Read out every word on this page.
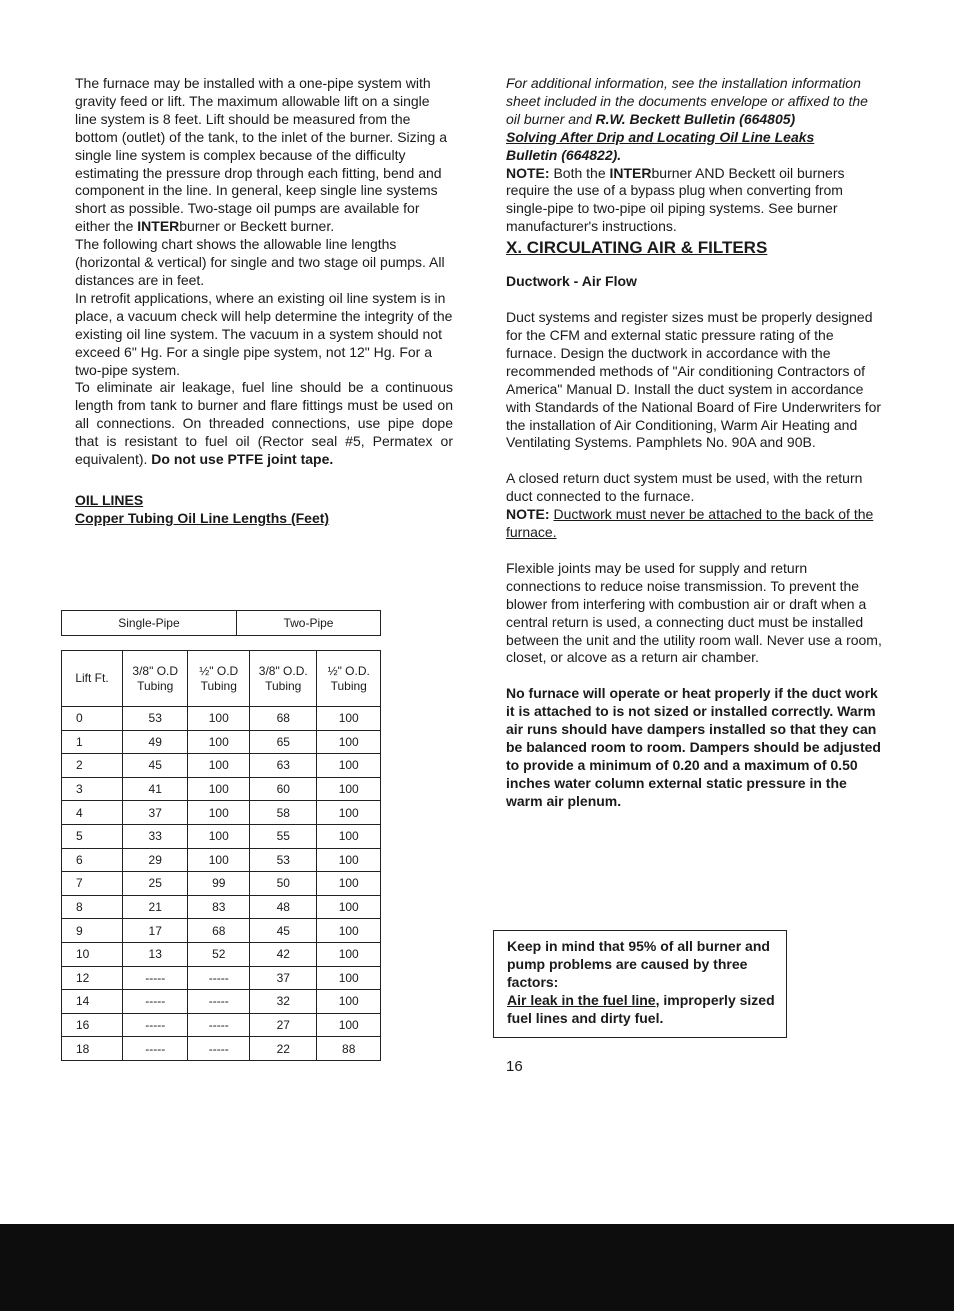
The furnace may be installed with a one-pipe system with gravity feed or lift. The maximum allowable lift on a single line system is 8 feet. Lift should be measured from the bottom (outlet) of the tank, to the inlet of the burner. Sizing a single line system is complex because of the difficulty estimating the pressure drop through each fitting, bend and component in the line. In general, keep single line systems short as possible. Two-stage oil pumps are available for either the INTERburner or Beckett burner.

The following chart shows the allowable line lengths (horizontal & vertical) for single and two stage oil pumps. All distances are in feet.

In retrofit applications, where an existing oil line system is in place, a vacuum check will help determine the integrity of the existing oil line system. The vacuum in a system should not exceed 6" Hg. For a single pipe system, not 12" Hg. For a two-pipe system.

To eliminate air leakage, fuel line should be a continuous length from tank to burner and flare fittings must be used on all connections. On threaded connections, use pipe dope that is resistant to fuel oil (Rector seal #5, Permatex or equivalent). Do not use PTFE joint tape.

OIL LINES
Copper Tubing Oil Line Lengths (Feet)
Single-Pipe	Two-Pipe
Lift Ft.	3/8" O.D Tubing	½" O.D Tubing	3/8" O.D. Tubing	½" O.D. Tubing
0	53	100	68	100
1	49	100	65	100
2	45	100	63	100
3	41	100	60	100
4	37	100	58	100
5	33	100	55	100
6	29	100	53	100
7	25	99	50	100
8	21	83	48	100
9	17	68	45	100
10	13	52	42	100
12	-----	-----	37	100
14	-----	-----	32	100
16	-----	-----	27	100
18	-----	-----	22	88

For additional information, see the installation information sheet included in the documents envelope or affixed to the oil burner and R.W. Beckett Bulletin (664805)
Solving After Drip and Locating Oil Line Leaks
Bulletin (664822).

NOTE: Both the INTERburner AND Beckett oil burners require the use of a bypass plug when converting from single-pipe to two-pipe oil piping systems. See burner manufacturer's instructions.

X. CIRCULATING AIR & FILTERS
Ductwork - Air Flow

Duct systems and register sizes must be properly designed for the CFM and external static pressure rating of the furnace. Design the ductwork in accordance with the recommended methods of "Air conditioning Contractors of America" Manual D. Install the duct system in accordance with Standards of the National Board of Fire Underwriters for the installation of Air Conditioning, Warm Air Heating and Ventilating Systems. Pamphlets No. 90A and 90B.

A closed return duct system must be used, with the return duct connected to the furnace.

NOTE: Ductwork must never be attached to the back of the furnace.

Flexible joints may be used for supply and return connections to reduce noise transmission. To prevent the blower from interfering with combustion air or draft when a central return is used, a connecting duct must be installed between the unit and the utility room wall. Never use a room, closet, or alcove as a return air chamber.

No furnace will operate or heat properly if the duct work it is attached to is not sized or installed correctly. Warm air runs should have dampers installed so that they can be balanced room to room. Dampers should be adjusted to provide a minimum of 0.20 and a maximum of 0.50 inches water column external static pressure in the warm air plenum.

Keep in mind that 95% of all burner and pump problems are caused by three factors:
Air leak in the fuel line, improperly sized fuel lines and dirty fuel.
16
